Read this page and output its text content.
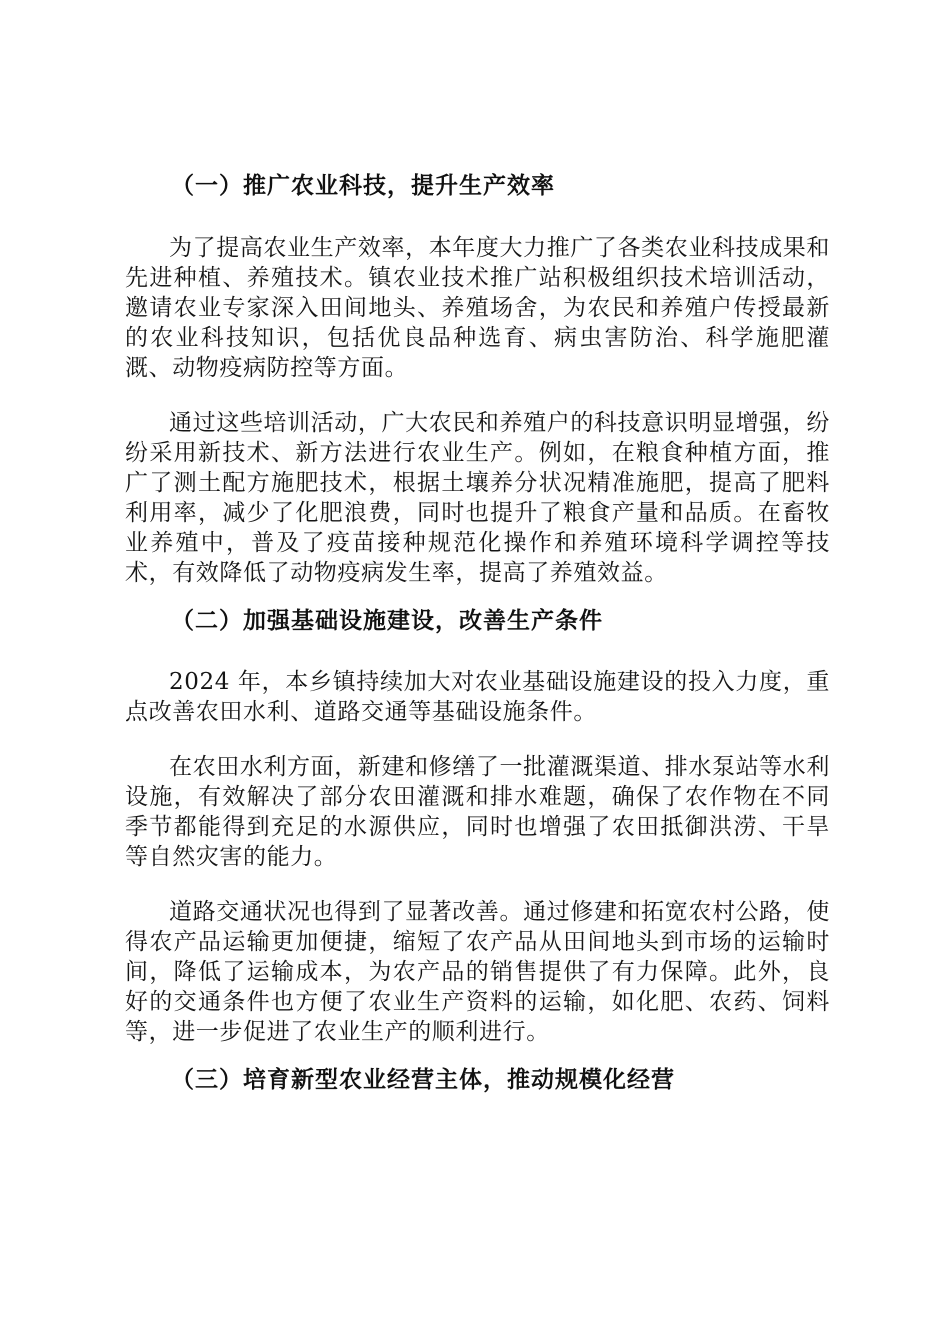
（一）推广农业科技，提升生产效率

为了提高农业生产效率，本年度大力推广了各类农业科技成果和先进种植、养殖技术。镇农业技术推广站积极组织技术培训活动，邀请农业专家深入田间地头、养殖场舍，为农民和养殖户传授最新的农业科技知识，包括优良品种选育、病虫害防治、科学施肥灌溉、动物疫病防控等方面。

通过这些培训活动，广大农民和养殖户的科技意识明显增强，纷纷采用新技术、新方法进行农业生产。例如，在粮食种植方面，推广了测土配方施肥技术，根据土壤养分状况精准施肥，提高了肥料利用率，减少了化肥浪费，同时也提升了粮食产量和品质。在畜牧业养殖中，普及了疫苗接种规范化操作和养殖环境科学调控等技术，有效降低了动物疫病发生率，提高了养殖效益。

（二）加强基础设施建设，改善生产条件

2024 年，本乡镇持续加大对农业基础设施建设的投入力度，重点改善农田水利、道路交通等基础设施条件。

在农田水利方面，新建和修缮了一批灌溉渠道、排水泵站等水利设施，有效解决了部分农田灌溉和排水难题，确保了农作物在不同季节都能得到充足的水源供应，同时也增强了农田抵御洪涝、干旱等自然灾害的能力。

道路交通状况也得到了显著改善。通过修建和拓宽农村公路，使得农产品运输更加便捷，缩短了农产品从田间地头到市场的运输时间，降低了运输成本，为农产品的销售提供了有力保障。此外，良好的交通条件也方便了农业生产资料的运输，如化肥、农药、饲料等，进一步促进了农业生产的顺利进行。

（三）培育新型农业经营主体，推动规模化经营
